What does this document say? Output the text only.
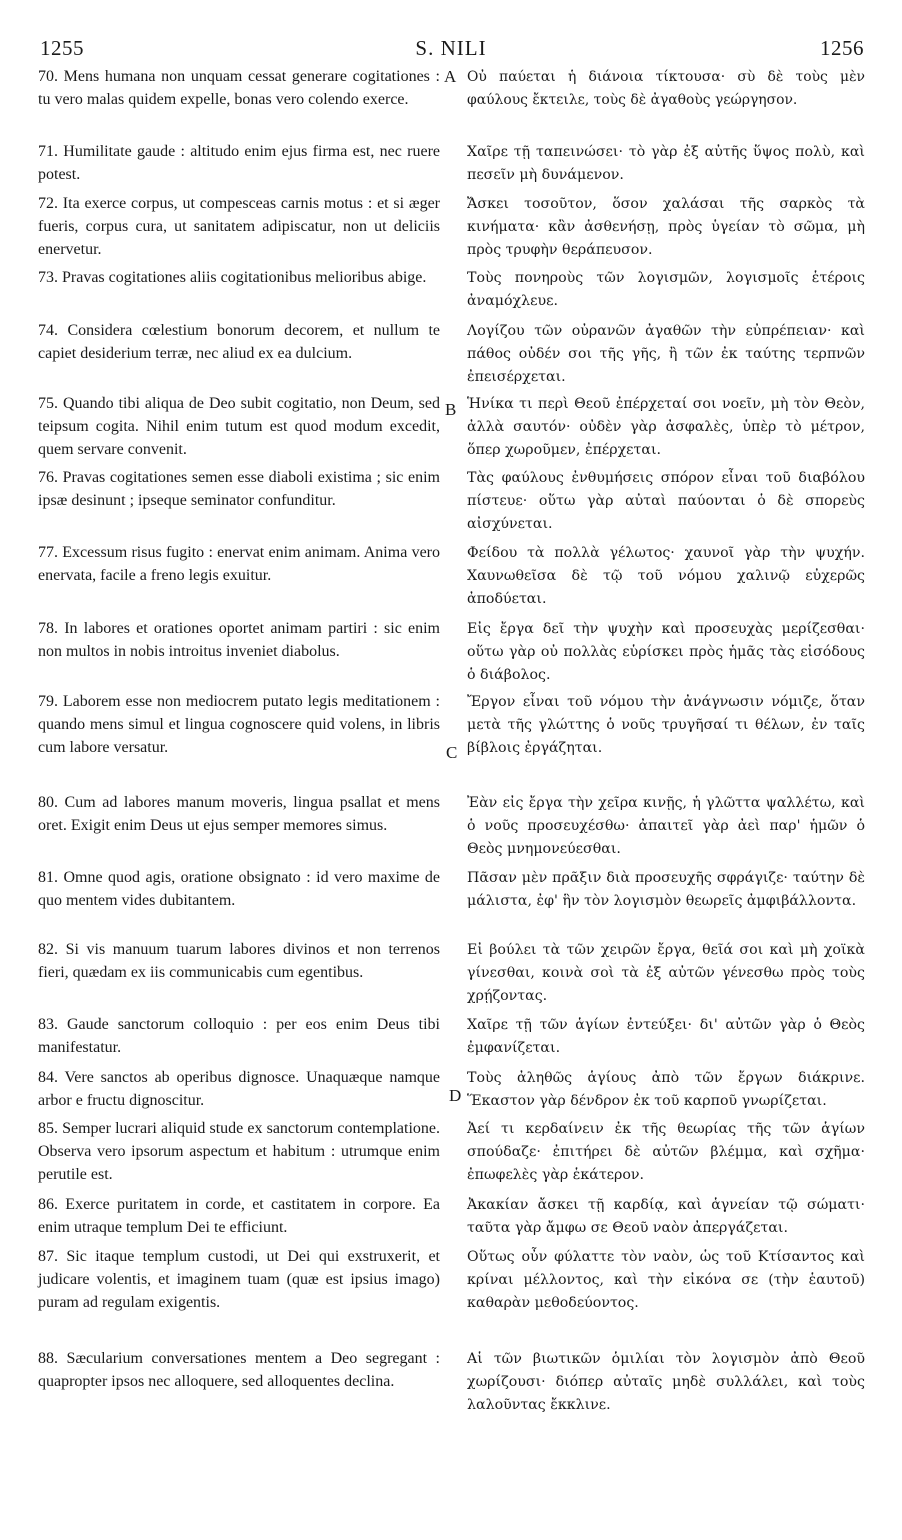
1255	S. NILI	1256

70. Mens humana non unquam cessat generare cogitationes : tu vero malas quidem expelle, bonas vero colendo exerce.

71. Humilitate gaude : altitudo enim ejus firma est, nec ruere potest.

72. Ita exerce corpus, ut compesceas carnis motus : et si æger fueris, corpus cura, ut sanitatem adipiscatur, non ut deliciis enervetur.

73. Pravas cogitationes aliis cogitationibus melioribus abige.

74. Considera cœlestium bonorum decorem, et nullum te capiet desiderium terræ, nec aliud ex ea dulcium.

75. Quando tibi aliqua de Deo subit cogitatio, non Deum, sed teipsum cogita. Nihil enim tutum est quod modum excedit, quem servare convenit.

76. Pravas cogitationes semen esse diaboli existima ; sic enim ipsæ desinunt ; ipseque seminator confunditur.

77. Excessum risus fugito : enervat enim animam. Anima vero enervata, facile a freno legis exuitur.

78. In labores et orationes oportet animam partiri : sic enim non multos in nobis introitus inveniet diabolus.

79. Laborem esse non mediocrem putato legis meditationem : quando mens simul et lingua cognoscere quid volens, in libris cum labore versatur.

80. Cum ad labores manum moveris, lingua psallat et mens oret. Exigit enim Deus ut ejus semper memores simus.

81. Omne quod agis, oratione obsignato : id vero maxime de quo mentem vides dubitantem.

82. Si vis manuum tuarum labores divinos et non terrenos fieri, quædam ex iis communicabis cum egentibus.

83. Gaude sanctorum colloquio : per eos enim Deus tibi manifestatur.

84. Vere sanctos ab operibus dignosce. Unaquæque namque arbor e fructu dignoscitur.

85. Semper lucrari aliquid stude ex sanctorum contemplatione. Observa vero ipsorum aspectum et habitum : utrumque enim perutile est.

86. Exerce puritatem in corde, et castitatem in corpore. Ea enim utraque templum Dei te efficiunt.

87. Sic itaque templum custodi, ut Dei qui exstruxerit, et judicare volentis, et imaginem tuam (quæ est ipsius imago) puram ad regulam exigentis.

88. Sæcularium conversationes mentem a Deo segregant : quapropter ipsos nec alloquere, sed alloquentes declina.

A
B
C
D

Οὐ παύεται ἡ διάνοια τίκτουσα· σὺ δὲ τοὺς μὲν φαύλους ἔκτειλε, τοὺς δὲ ἀγαθοὺς γεώργησον.

Χαῖρε τῇ ταπεινώσει· τὸ γὰρ ἐξ αὐτῆς ὕψος πολὺ, καὶ πεσεῖν μὴ δυνάμενον.

Ἄσκει τοσοῦτον, ὅσον χαλάσαι τῆς σαρκὸς τὰ κινήματα· κἂν ἀσθενήσῃ, πρὸς ὑγείαν τὸ σῶμα, μὴ πρὸς τρυφὴν θεράπευσον.

Τοὺς πονηροὺς τῶν λογισμῶν, λογισμοῖς ἑτέροις ἀναμόχλευε.

Λογίζου τῶν οὐρανῶν ἀγαθῶν τὴν εὐπρέπειαν· καὶ πάθος οὐδέν σοι τῆς γῆς, ἢ τῶν ἐκ ταύτης τερπνῶν ἐπεισέρχεται.

Ἡνίκα τι περὶ Θεοῦ ἐπέρχεταί σοι νοεῖν, μὴ τὸν Θεὸν, ἀλλὰ σαυτόν· οὐδὲν γὰρ ἀσφαλὲς, ὑπὲρ τὸ μέτρον, ὅπερ χωροῦμεν, ἐπέρχεται.

Τὰς φαύλους ἐνθυμήσεις σπόρον εἶναι τοῦ διαβόλου πίστευε· οὕτω γὰρ αὐταὶ παύονται ὁ δὲ σπορεὺς αἰσχύνεται.

Φείδου τὰ πολλὰ γέλωτος· χαυνοῖ γὰρ τὴν ψυχήν. Χαυνωθεῖσα δὲ τῷ τοῦ νόμου χαλινῷ εὐχερῶς ἀποδύεται.

Εἰς ἔργα δεῖ τὴν ψυχὴν καὶ προσευχὰς μερίζεσθαι· οὕτω γὰρ οὐ πολλὰς εὑρίσκει πρὸς ἡμᾶς τὰς εἰσόδους ὁ διάβολος.

Ἔργον εἶναι τοῦ νόμου τὴν ἀνάγνωσιν νόμιζε, ὅταν μετὰ τῆς γλώττης ὁ νοῦς τρυγῆσαί τι θέλων, ἐν ταῖς βίβλοις ἐργάζηται.

Ἐὰν εἰς ἔργα τὴν χεῖρα κινῇς, ἡ γλῶττα ψαλλέτω, καὶ ὁ νοῦς προσευχέσθω· ἀπαιτεῖ γὰρ ἀεὶ παρ' ἡμῶν ὁ Θεὸς μνημονεύεσθαι.

Πᾶσαν μὲν πρᾶξιν διὰ προσευχῆς σφράγιζε· ταύτην δὲ μάλιστα, ἐφ' ἣν τὸν λογισμὸν θεωρεῖς ἀμφιβάλλοντα.

Εἰ βούλει τὰ τῶν χειρῶν ἔργα, θεῖά σοι καὶ μὴ χοϊκὰ γίνεσθαι, κοινὰ σοὶ τὰ ἐξ αὐτῶν γένεσθω πρὸς τοὺς χρῄζοντας.

Χαῖρε τῇ τῶν ἁγίων ἐντεύξει· δι' αὐτῶν γὰρ ὁ Θεὸς ἐμφανίζεται.

Τοὺς ἀληθῶς ἁγίους ἀπὸ τῶν ἔργων διάκρινε. Ἕκαστον γὰρ δένδρον ἐκ τοῦ καρποῦ γνωρίζεται.

Ἀεί τι κερδαίνειν ἐκ τῆς θεωρίας τῆς τῶν ἁγίων σπούδαζε· ἐπιτήρει δὲ αὐτῶν βλέμμα, καὶ σχῆμα· ἐπωφελὲς γὰρ ἑκάτερον.

Ἀκακίαν ἄσκει τῇ καρδίᾳ, καὶ ἁγνείαν τῷ σώματι· ταῦτα γὰρ ἄμφω σε Θεοῦ ναὸν ἀπεργάζεται.

Οὕτως οὖν φύλαττε τὸν ναὸν, ὡς τοῦ Κτίσαντος καὶ κρίναι μέλλοντος, καὶ τὴν εἰκόνα σε (τὴν ἑαυτοῦ) καθαρὰν μεθοδεύοντος.

Αἱ τῶν βιωτικῶν ὁμιλίαι τὸν λογισμὸν ἀπὸ Θεοῦ χωρίζουσι· διόπερ αὐταῖς μηδὲ συλλάλει, καὶ τοὺς λαλοῦντας ἔκκλινε.
